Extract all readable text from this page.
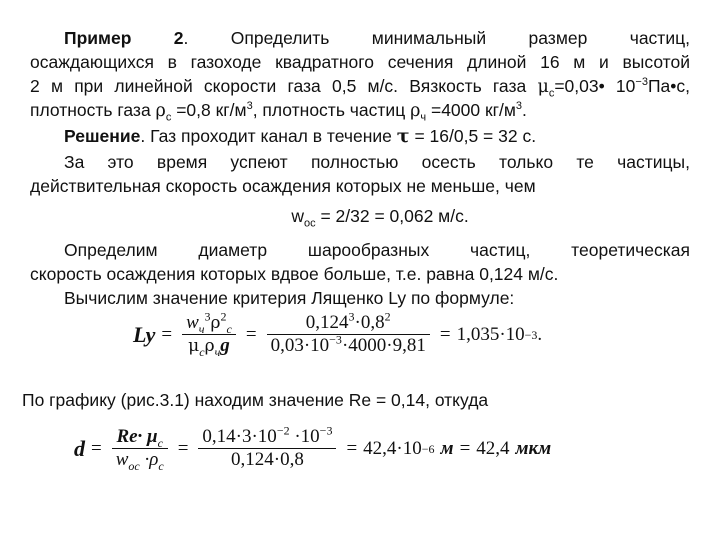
Пример 2. Определить минимальный размер частиц,

осаждающихся в газоходе квадратного сечения длиной 16 м и высотой

2 м при линейной скорости газа 0,5 м/с. Вязкость газа $\mu_с=0,03•$ $10^{-3}Па•с$,

плотность газа $\rho_с =0,8$ $кг/м^3$, плотность частиц $\rho_ч =4000$ $кг/м^3$.

Решение. Газ проходит канал в течение τ = 16/0,5 = 32 с.

За это время успеют полностью осесть только те частицы,

действительная скорость осаждения которых не меньше, чем

$w_{ос} = 2/32 = 0,062$ м/с.

Определим диаметр шарообразных частиц, теоретическая

скорость осаждения которых вдвое больше, т.е. равна 0,124 м/с.

Вычислим значение критерия Лященко Ly по формуле:

$Ly = \frac{w_ч^3\rho^2_с}{\mu_с\rho_чg} = \frac{0,124^3\cdot 0,8^2}{0,03\cdot 10^{-3}\cdot 4000\cdot 9,81} = 1,035\cdot 10 -3$ .

По графику (рис.3.1) находим значение Re = 0,14, откуда

$d = \frac{Re\cdot \mu_с}{w_{ос} \cdot\rho_с} = \frac{0,14\cdot 3\cdot 10^{-2} \cdot 10^{-3}}{0,124\cdot 0,8} = 42,4\cdot 10 -6$ м = 42,4 мкм
